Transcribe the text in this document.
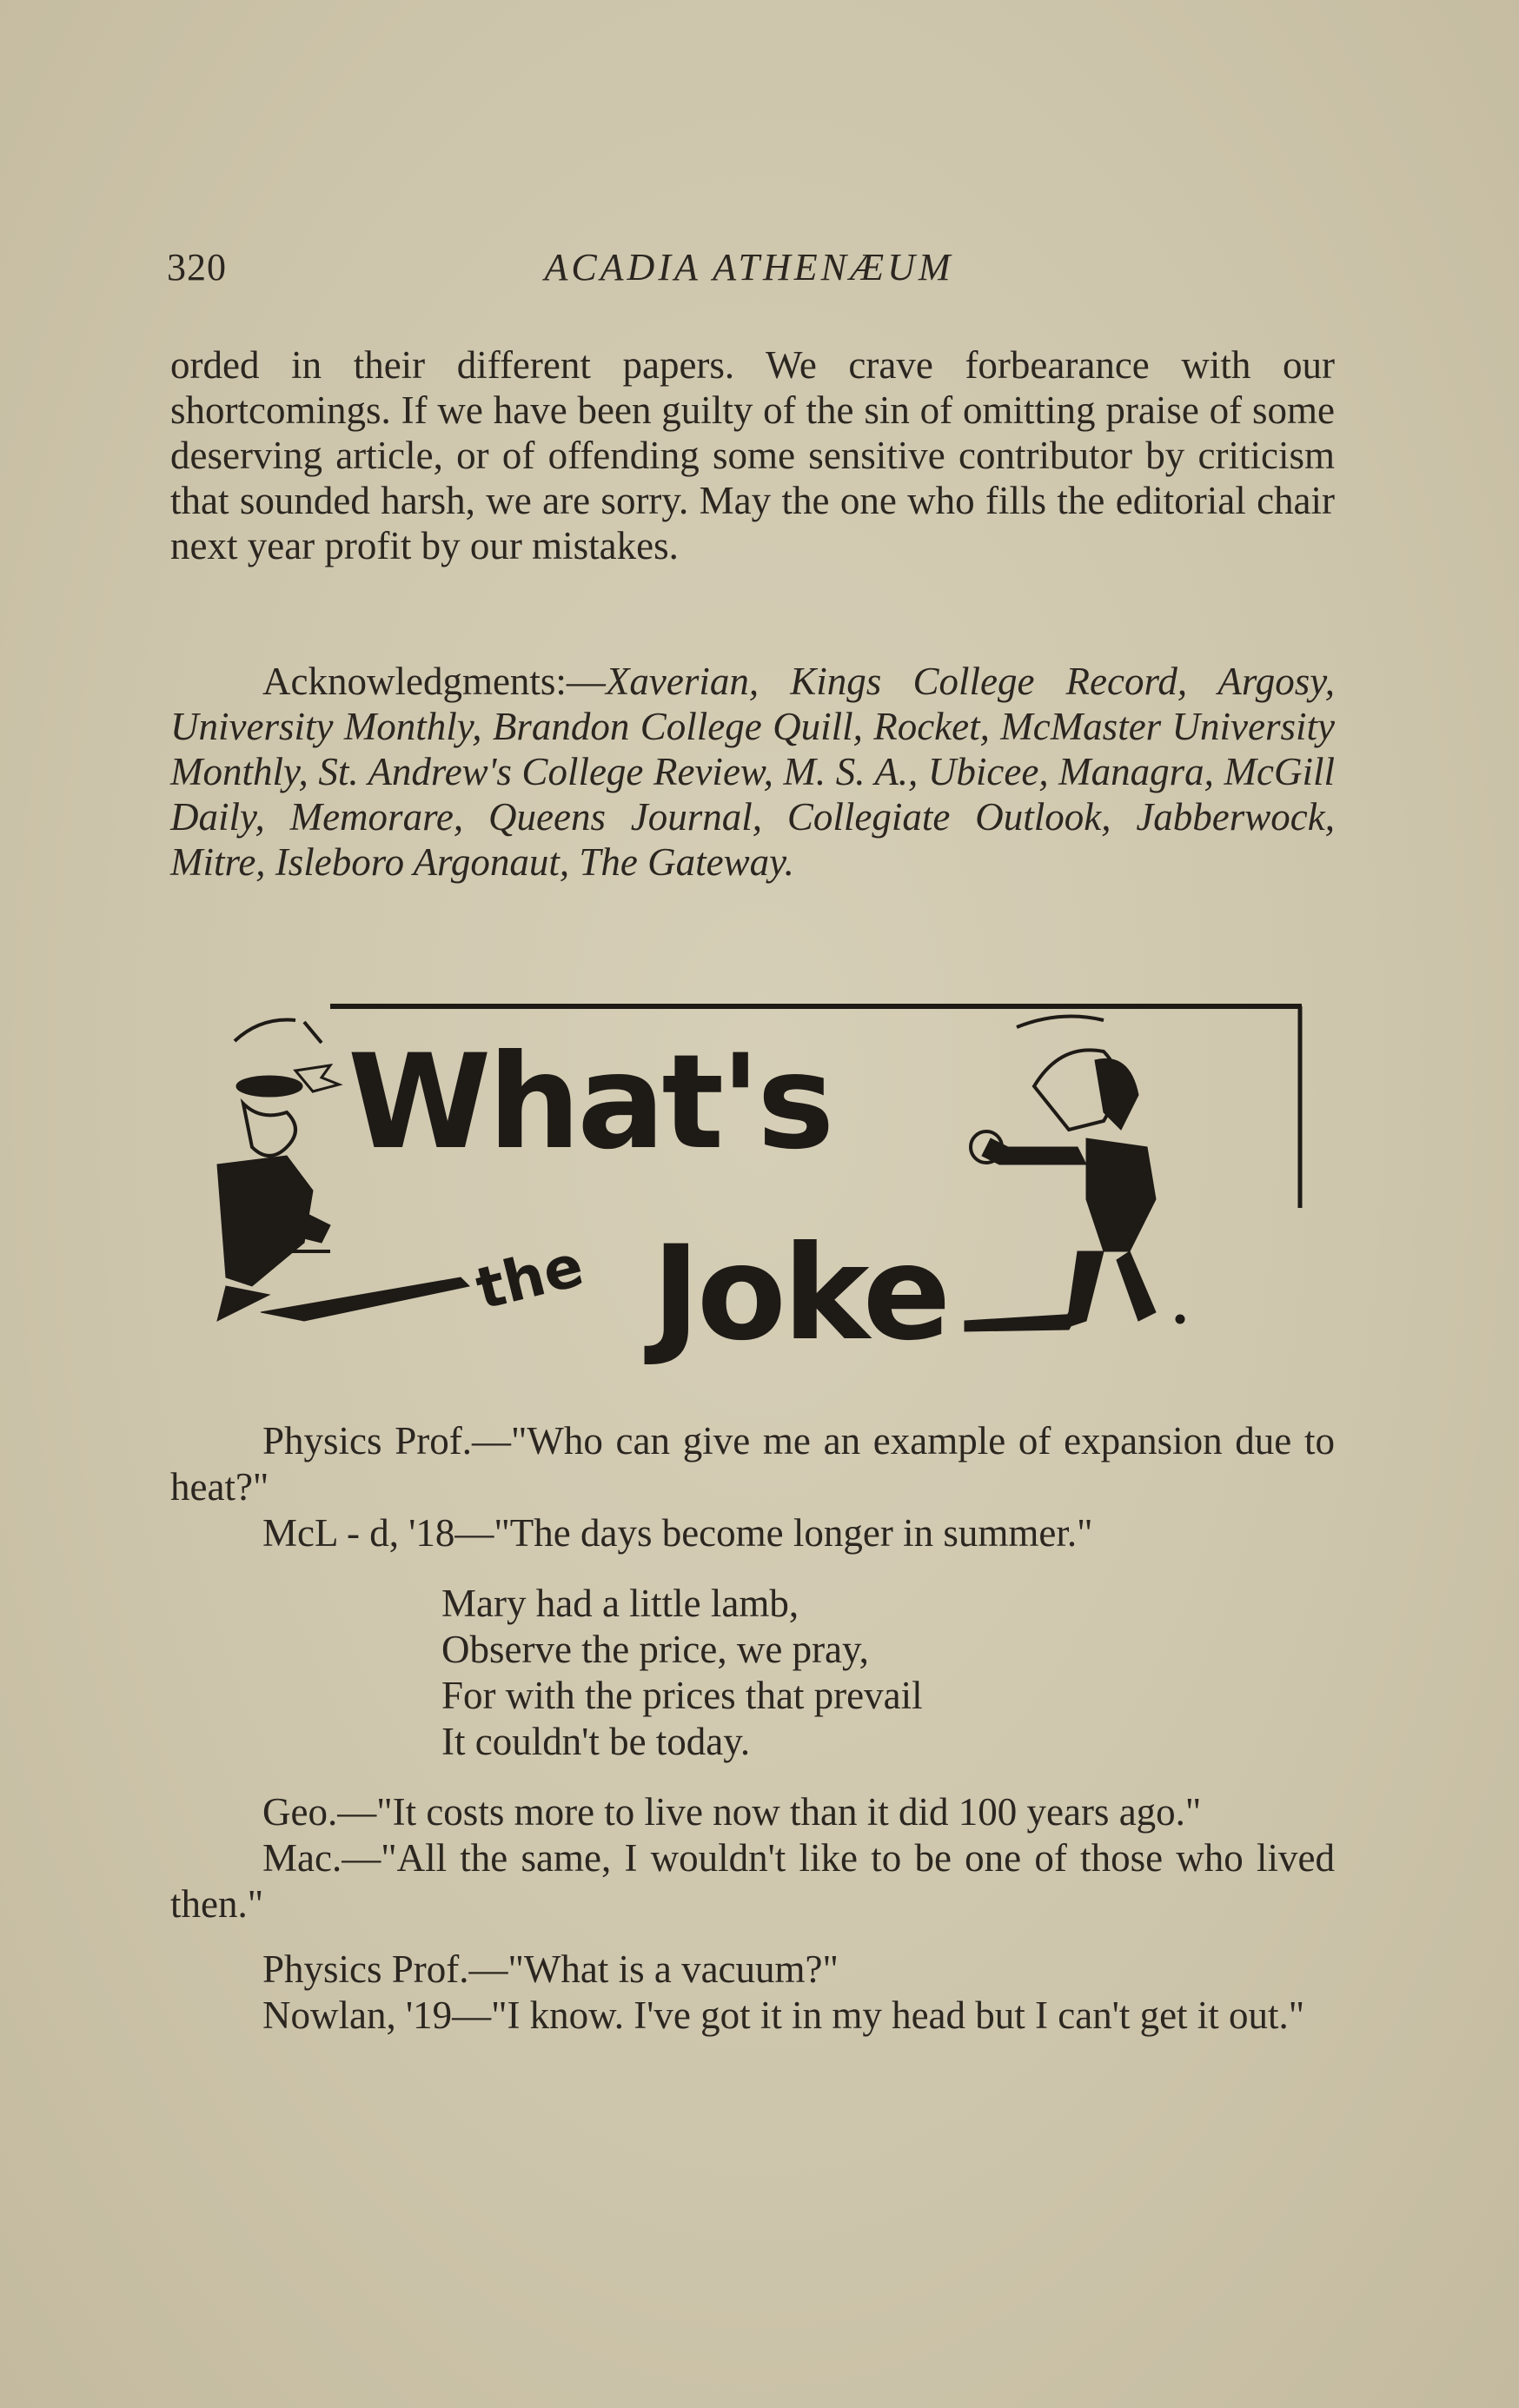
320	ACADIA ATHENÆUM

orded in their different papers. We crave forbearance with our shortcomings. If we have been guilty of the sin of omitting praise of some deserving article, or of offending some sensitive contributor by criticism that sounded harsh, we are sorry. May the one who fills the editorial chair next year profit by our mistakes.

Acknowledgments:—Xaverian, Kings College Record, Argosy, University Monthly, Brandon College Quill, Rocket, McMaster University Monthly, St. Andrew's College Review, M. S. A., Ubicee, Managra, McGill Daily, Memorare, Queens Journal, Collegiate Outlook, Jabberwock, Mitre, Isleboro Argonaut, The Gateway.

What's
the Joke

Physics Prof.—"Who can give me an example of expansion due to heat?"

McL - d, '18—"The days become longer in summer."

Mary had a little lamb,

Observe the price, we pray,

For with the prices that prevail

It couldn't be today.

Geo.—"It costs more to live now than it did 100 years ago."

Mac.—"All the same, I wouldn't like to be one of those who lived then."

Physics Prof.—"What is a vacuum?"

Nowlan, '19—"I know. I've got it in my head but I can't get it out."
